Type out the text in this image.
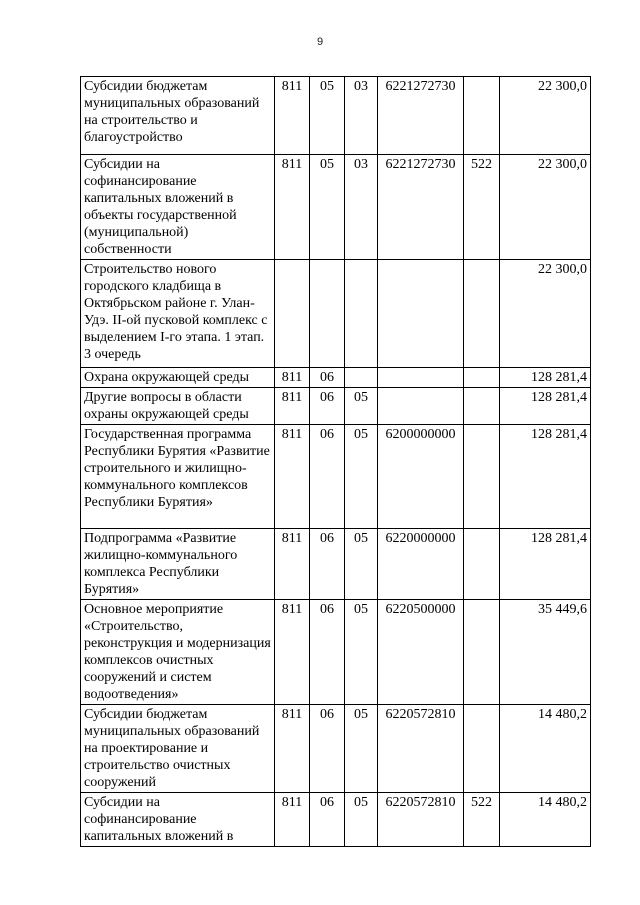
9
Субсидии бюджетам муниципальных образований на строительство и благоустройство	811	05	03	6221272730		22 300,0
Субсидии на софинансирование капитальных вложений в объекты государственной (муниципальной) собственности	811	05	03	6221272730	522	22 300,0
Строительство нового городского кладбища в Октябрьском районе г. Улан-Удэ. II-ой пусковой комплекс с выделением I-го этапа. 1 этап. 3 очередь						22 300,0
Охрана окружающей среды	811	06				128 281,4
Другие вопросы в области охраны окружающей среды	811	06	05			128 281,4
Государственная программа Республики Бурятия «Развитие строительного и жилищно-коммунального комплексов Республики Бурятия»	811	06	05	6200000000		128 281,4
Подпрограмма «Развитие жилищно-коммунального комплекса Республики Бурятия»	811	06	05	6220000000		128 281,4
Основное мероприятие «Строительство, реконструкция и модернизация комплексов очистных сооружений и систем водоотведения»	811	06	05	6220500000		35 449,6
Субсидии бюджетам муниципальных образований на проектирование и строительство очистных сооружений	811	06	05	6220572810		14 480,2
Субсидии на софинансирование капитальных вложений в	811	06	05	6220572810	522	14 480,2
